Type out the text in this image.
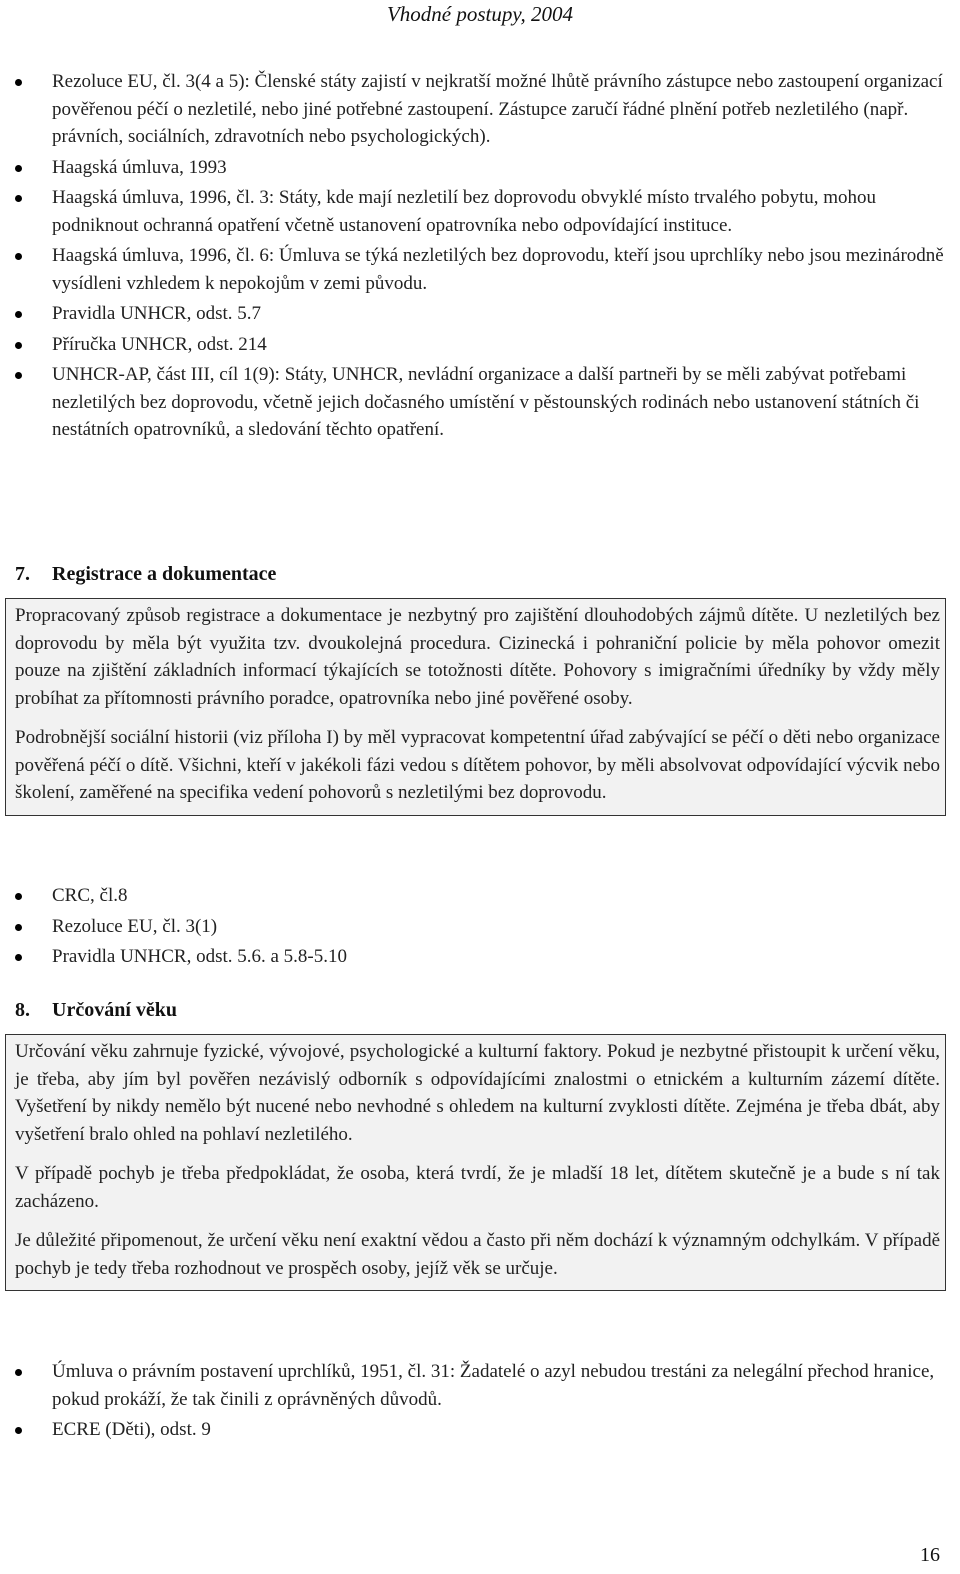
Vhodné postupy, 2004
Rezoluce EU, čl. 3(4 a 5): Členské státy zajistí v nejkratší možné lhůtě právního zástupce nebo zastoupení organizací pověřenou péčí o nezletilé, nebo jiné potřebné zastoupení. Zástupce zaručí řádné plnění potřeb nezletilého (např. právních, sociálních, zdravotních nebo psychologických).
Haagská úmluva, 1993
Haagská úmluva, 1996, čl. 3: Státy, kde mají nezletilí bez doprovodu obvyklé místo trvalého pobytu, mohou podniknout ochranná opatření včetně ustanovení opatrovníka nebo odpovídající instituce.
Haagská úmluva, 1996, čl. 6: Úmluva se týká nezletilých bez doprovodu, kteří jsou uprchlíky nebo jsou mezinárodně vysídleni vzhledem k nepokojům v zemi původu.
Pravidla UNHCR, odst. 5.7
Příručka UNHCR, odst. 214
UNHCR-AP, část III, cíl 1(9): Státy, UNHCR, nevládní organizace a další partneři by se měli zabývat potřebami nezletilých bez doprovodu, včetně jejich dočasného umístění v pěstounských rodinách nebo ustanovení státních či nestátních opatrovníků, a sledování těchto opatření.
7. Registrace a dokumentace

Propracovaný způsob registrace a dokumentace je nezbytný pro zajištění dlouhodobých zájmů dítěte. U nezletilých bez doprovodu by měla být využita tzv. dvoukolejná procedura. Cizinecká i pohraniční policie by měla pohovor omezit pouze na zjištění základních informací týkajících se totožnosti dítěte. Pohovory s imigračními úředníky by vždy měly probíhat za přítomnosti právního poradce, opatrovníka nebo jiné pověřené osoby.

Podrobnější sociální historii (viz příloha I) by měl vypracovat kompetentní úřad zabývající se péčí o děti nebo organizace pověřená péčí o dítě. Všichni, kteří v jakékoli fázi vedou s dítětem pohovor, by měli absolvovat odpovídající výcvik nebo školení, zaměřené na specifika vedení pohovorů s nezletilými bez doprovodu.

CRC, čl.8
Rezoluce EU, čl. 3(1)
Pravidla UNHCR, odst. 5.6. a 5.8-5.10
8. Určování věku

Určování věku zahrnuje fyzické, vývojové, psychologické a kulturní faktory. Pokud je nezbytné přistoupit k určení věku, je třeba, aby jím byl pověřen nezávislý odborník s odpovídajícími znalostmi o etnickém a kulturním zázemí dítěte. Vyšetření by nikdy nemělo být nucené nebo nevhodné s ohledem na kulturní zvyklosti dítěte. Zejména je třeba dbát, aby vyšetření bralo ohled na pohlaví nezletilého.

V případě pochyb je třeba předpokládat, že osoba, která tvrdí, že je mladší 18 let, dítětem skutečně je a bude s ní tak zacházeno.

Je důležité připomenout, že určení věku není exaktní vědou a často při něm dochází k významným odchylkám. V případě pochyb je tedy třeba rozhodnout ve prospěch osoby, jejíž věk se určuje.

Úmluva o právním postavení uprchlíků, 1951, čl. 31: Žadatelé o azyl nebudou trestáni za nelegální přechod hranice, pokud prokáží, že tak činili z oprávněných důvodů.
ECRE (Děti), odst. 9
16
